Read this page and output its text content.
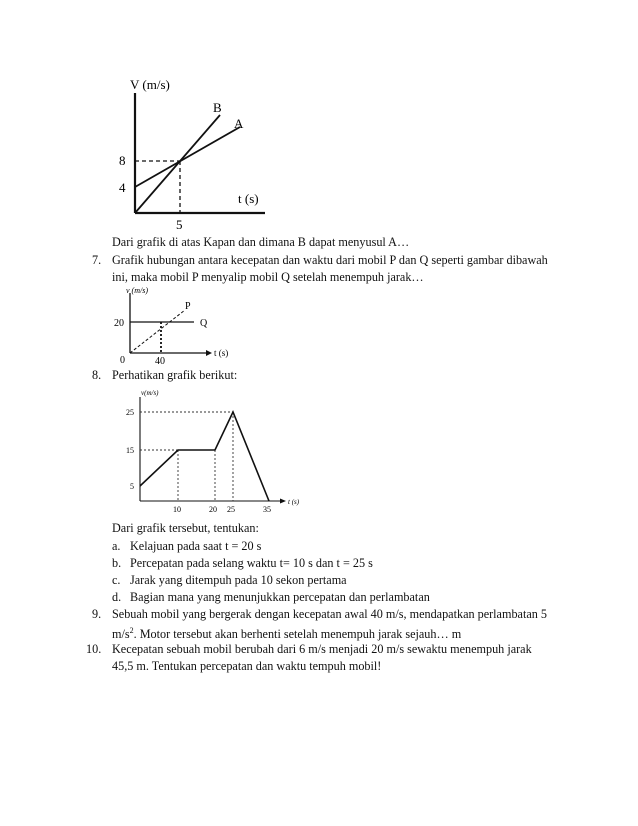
V (m/s)
t (s)
8
4
5
B
A
Dari grafik di atas Kapan dan dimana B dapat menyusul A…
7. Grafik hubungan antara kecepatan dan waktu dari mobil P dan Q seperti gambar dibawah
ini, maka mobil P menyalip mobil Q setelah menempuh jarak…
v (m/s)
20
0	40
t (s)
P
Q
8. Perhatikan grafik berikut:
v(m/s)
25
15
5
10	20 25	35
t (s)
Dari grafik tersebut, tentukan:
a. Kelajuan pada saat t = 20 s
b. Percepatan pada selang waktu t= 10 s dan t = 25 s
c. Jarak yang ditempuh pada 10 sekon pertama
d. Bagian mana yang menunjukkan percepatan dan perlambatan
9. Sebuah mobil yang bergerak dengan kecepatan awal 40 m/s, mendapatkan perlambatan 5
$m/s^2$. Motor tersebut akan berhenti setelah menempuh jarak sejauh… m
10. Kecepatan sebuah mobil berubah dari 6 m/s menjadi 20 m/s sewaktu menempuh jarak
45,5 m. Tentukan percepatan dan waktu tempuh mobil!
